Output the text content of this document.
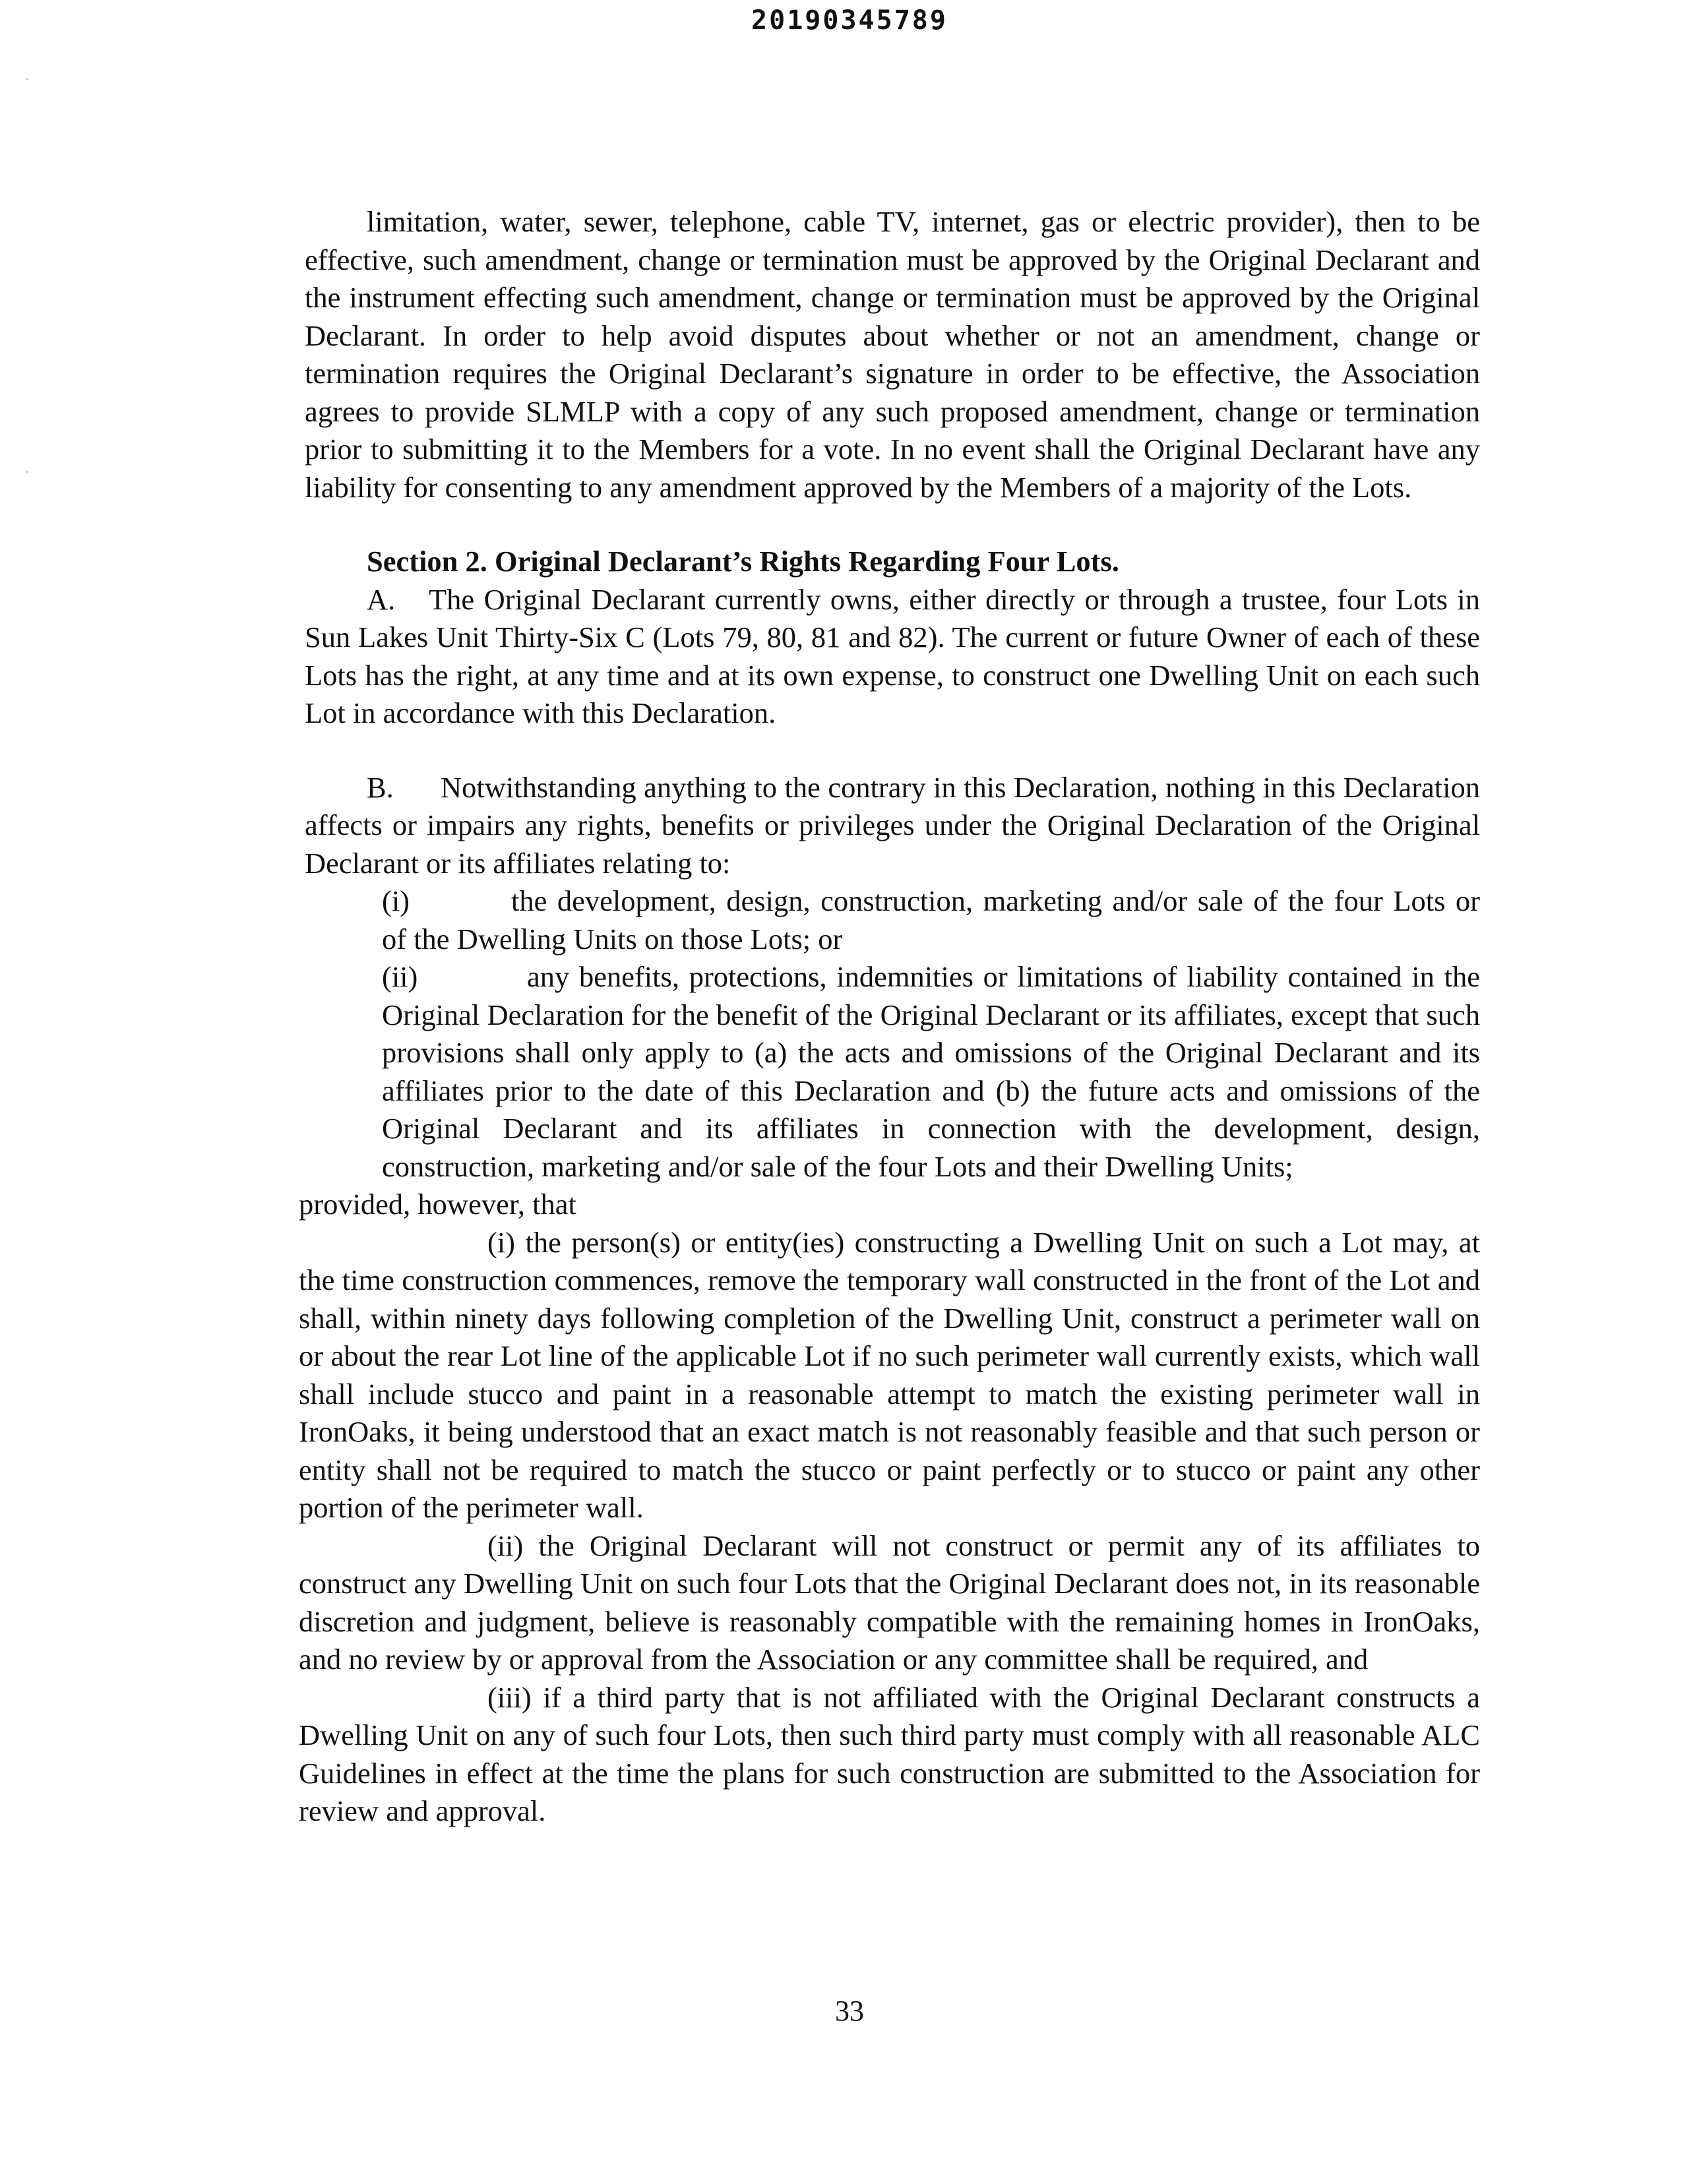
20190345789

limitation, water, sewer, telephone, cable TV, internet, gas or electric provider), then to be effective, such amendment, change or termination must be approved by the Original Declarant and the instrument effecting such amendment, change or termination must be approved by the Original Declarant. In order to help avoid disputes about whether or not an amendment, change or termination requires the Original Declarant’s signature in order to be effective, the Association agrees to provide SLMLP with a copy of any such proposed amendment, change or termination prior to submitting it to the Members for a vote. In no event shall the Original Declarant have any liability for consenting to any amendment approved by the Members of a majority of the Lots.

Section 2. Original Declarant’s Rights Regarding Four Lots.

A. The Original Declarant currently owns, either directly or through a trustee, four Lots in Sun Lakes Unit Thirty-Six C (Lots 79, 80, 81 and 82). The current or future Owner of each of these Lots has the right, at any time and at its own expense, to construct one Dwelling Unit on each such Lot in accordance with this Declaration.

B. Notwithstanding anything to the contrary in this Declaration, nothing in this Declaration affects or impairs any rights, benefits or privileges under the Original Declaration of the Original Declarant or its affiliates relating to:

(i)	the development, design, construction, marketing and/or sale of the four Lots or of the Dwelling Units on those Lots; or

(ii)	any benefits, protections, indemnities or limitations of liability contained in the Original Declaration for the benefit of the Original Declarant or its affiliates, except that such provisions shall only apply to (a) the acts and omissions of the Original Declarant and its affiliates prior to the date of this Declaration and (b) the future acts and omissions of the Original Declarant and its affiliates in connection with the development, design, construction, marketing and/or sale of the four Lots and their Dwelling Units;

provided, however, that

(i) the person(s) or entity(ies) constructing a Dwelling Unit on such a Lot may, at the time construction commences, remove the temporary wall constructed in the front of the Lot and shall, within ninety days following completion of the Dwelling Unit, construct a perimeter wall on or about the rear Lot line of the applicable Lot if no such perimeter wall currently exists, which wall shall include stucco and paint in a reasonable attempt to match the existing perimeter wall in IronOaks, it being understood that an exact match is not reasonably feasible and that such person or entity shall not be required to match the stucco or paint perfectly or to stucco or paint any other portion of the perimeter wall.

(ii) the Original Declarant will not construct or permit any of its affiliates to construct any Dwelling Unit on such four Lots that the Original Declarant does not, in its reasonable discretion and judgment, believe is reasonably compatible with the remaining homes in IronOaks, and no review by or approval from the Association or any committee shall be required, and

(iii) if a third party that is not affiliated with the Original Declarant constructs a Dwelling Unit on any of such four Lots, then such third party must comply with all reasonable ALC Guidelines in effect at the time the plans for such construction are submitted to the Association for review and approval.

33
